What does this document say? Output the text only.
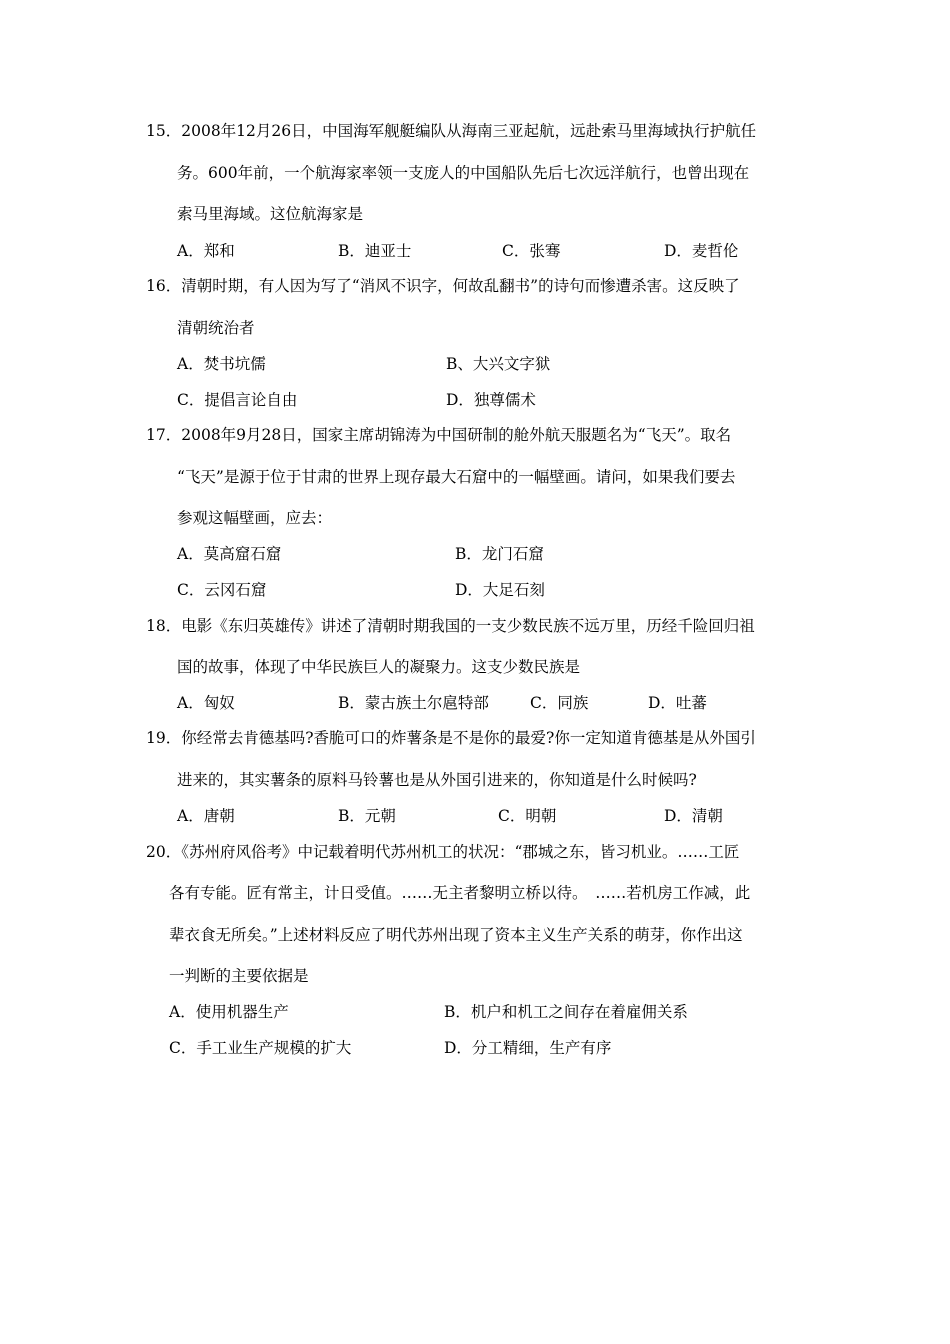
15．2008年12月26日，中国海军舰艇编队从海南三亚起航，远赴索马里海域执行护航任
务。600年前，一个航海家率领一支庞人的中国船队先后七次远洋航行，也曾出现在
索马里海域。这位航海家是
A．郑和	B．迪亚士	C．张骞	D．麦哲伦
16．清朝时期，有人因为写了“消风不识字，何故乱翻书”的诗句而惨遭杀害。这反映了
清朝统治者
A．焚书坑儒	B、大兴文字狱
C．提倡言论自由	D．独尊儒术
17．2008年9月28日，国家主席胡锦涛为中国研制的舱外航天服题名为“飞天”。取名
“飞天”是源于位于甘肃的世界上现存最大石窟中的一幅壁画。请问，如果我们要去
参观这幅壁画，应去：
A．莫高窟石窟	B．龙门石窟
C．云冈石窟	D．大足石刻
18．电影《东归英雄传》讲述了清朝时期我国的一支少数民族不远万里，历经千险回归祖
国的故事，体现了中华民族巨人的凝聚力。这支少数民族是
A．匈奴	B．蒙古族土尔扈特部	C．同族	D．吐蕃
19．你经常去肯德基吗?香脆可口的炸薯条是不是你的最爱?你一定知道肯德基是从外国引
进来的，其实薯条的原料马铃薯也是从外国引进来的，你知道是什么时候吗?
A．唐朝	B．元朝	C．明朝	D．清朝
20．《苏州府风俗考》中记载着明代苏州机工的状况：“郡城之东，皆习机业。……工匠
各有专能。匠有常主，计日受值。……无主者黎明立桥以待。　……若机房工作减，此
辈衣食无所矣。”上述材料反应了明代苏州出现了资本主义生产关系的萌芽，你作出这
一判断的主要依据是
A．使用机器生产	B．机户和机工之间存在着雇佣关系
C．手工业生产规模的扩大	D．分工精细，生产有序
